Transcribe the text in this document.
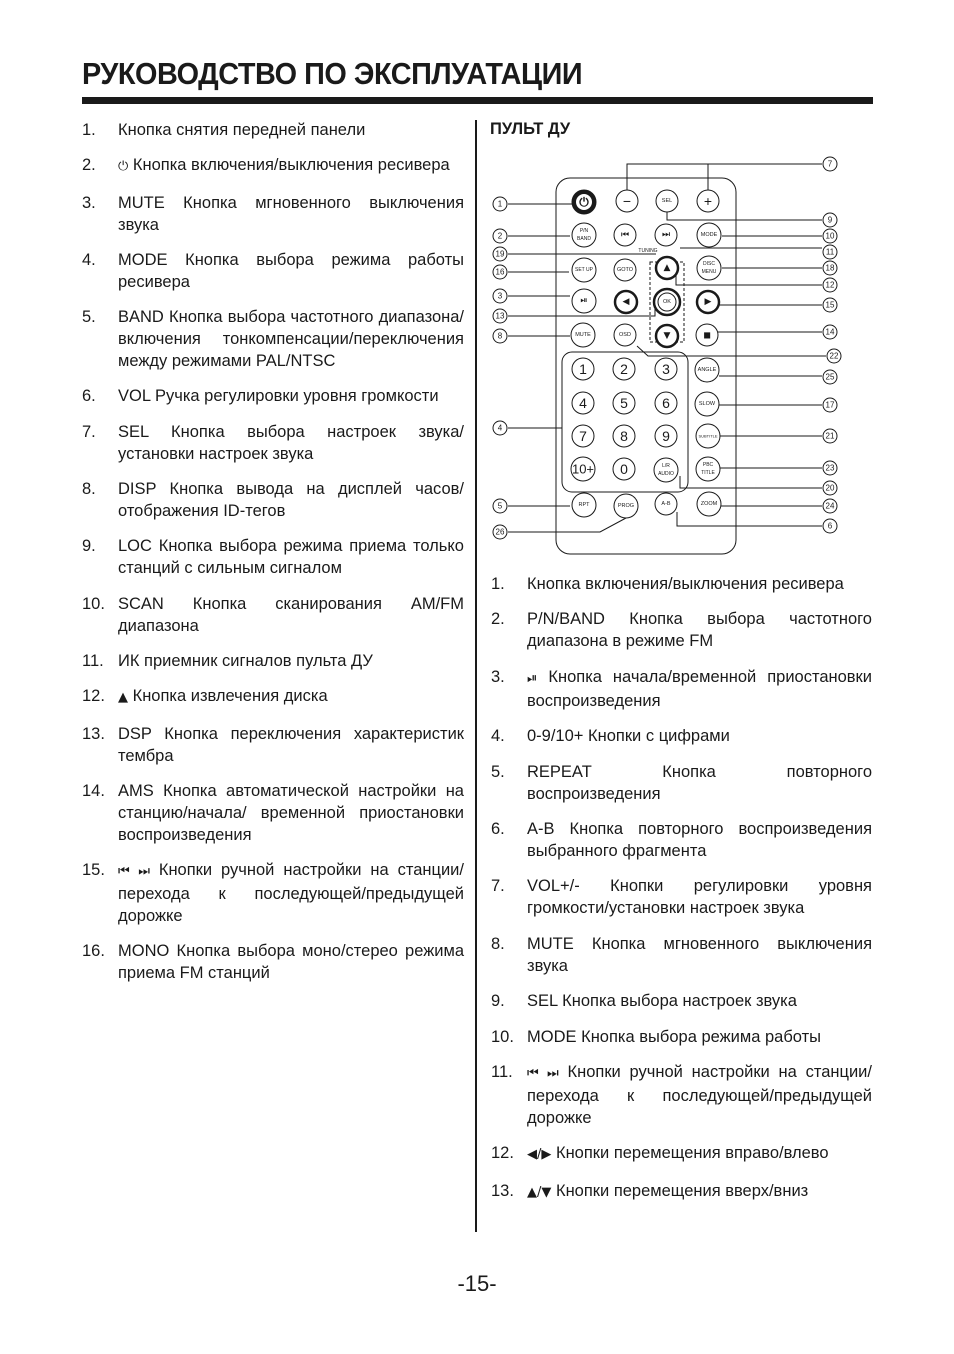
РУКОВОДСТВО ПО ЭКСПЛУАТАЦИИ
1.	Кнопка снятия передней панели
2.	⏻ Кнопка включения/выключения ресивера
3.	MUTE Кнопка мгновенного выключения звука
4.	MODE Кнопка выбора режима работы ресивера
5.	BAND Кнопка выбора частотного диапазона/включения тонкомпенсации/переключения между режимами PAL/NTSC
6.	VOL Ручка регулировки уровня громкости
7.	SEL Кнопка выбора настроек звука/установки настроек звука
8.	DISP Кнопка вывода на дисплей часов/ отображения ID-тегов
9.	LOC Кнопка выбора режима приема только станций с сильным сигналом
10. SCAN Кнопка сканирования AM/FM диапазона
11. ИК приемник сигналов пульта ДУ
12.	▲ Кнопка извлечения диска
13. DSP Кнопка переключения характеристик тембра
14. AMS Кнопка автоматической настройки на станцию/начала/ временной приостановки воспроизведения
15.	⏮ ⏭ Кнопки ручной настройки на станции/перехода к последующей/предыдущей дорожке
16. MONO Кнопка выбора моно/стерео режима приема FM станций
ПУЛЬТ ДУ
⏻ −	SEL +
P/N
BAND	⏮	⏭
TUNING
MODE
SET UP	GOTO	▲	DISC
MENU
⏯	◀	OK	▶
MUTE	OSD	▼	■
1 2 3	ANGLE
4 5 6	SLOW
7 8 9	SUBTITLE
10+ 0	L/R
AUDIO
PBC
TITLE
RPT	PROG	A-B	ZOOM
1
2
19
16
3
13
8
4
5
26
7
9
10
11
18
12
15
14
22
25
17
21
23
20
24
6
1.	Кнопка включения/выключения ресивера
2.	P/N/BAND Кнопка выбора частотного диапазона в режиме FM
3.	⏯ Кнопка начала/временной приостановки воспроизведения
4.	0-9/10+ Кнопки с цифрами
5.	REPEAT Кнопка повторного воспроизведения
6.	A-B Кнопка повторного воспроизведения выбранного фрагмента
7.	VOL+/- Кнопки регулировки уровня громкости/установки настроек звука
8.	MUTE Кнопка мгновенного выключения звука
9.	SEL Кнопка выбора настроек звука
10. MODE Кнопка выбора режима работы
11.	⏮ ⏭ Кнопки ручной настройки на станции/перехода к последующей/предыдущей дорожке
12.	◀/▶ Кнопки перемещения вправо/влево
13.	▲/▼ Кнопки перемещения вверх/вниз
-15-
